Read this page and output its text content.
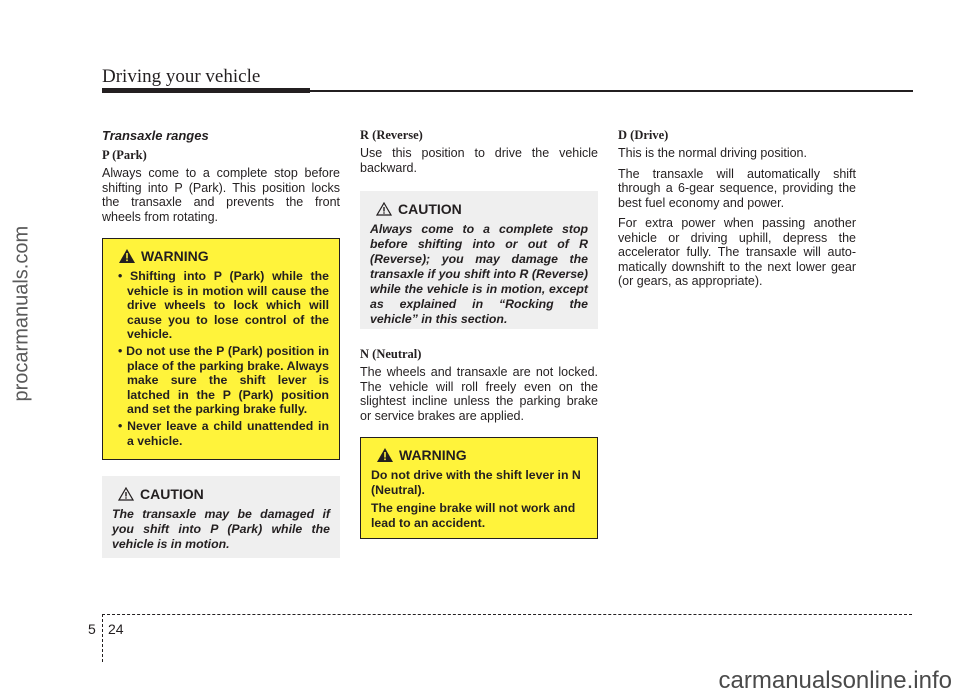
Driving your vehicle
procarmanuals.com
carmanualsonline.info

Transaxle ranges

P (Park)

Always come to a complete stop before shifting into P (Park). This position locks the transaxle and prevents the front wheels from rotating.

WARNING
• Shifting into P (Park) while the vehicle is in motion will cause the drive wheels to lock which will cause you to lose control of the vehicle.
• Do not use the P (Park) position in place of the parking brake. Always make sure the shift lever is latched in the P (Park) position and set the parking brake fully.
• Never leave a child unattended in a vehicle.
CAUTION

The transaxle may be damaged if you shift into P (Park) while the vehicle is in motion.

R (Reverse)

Use this position to drive the vehicle backward.

CAUTION

Always come to a complete stop before shifting into or out of R (Reverse); you may damage the transaxle if you shift into R (Reverse) while the vehicle is in motion, except as explained in “Rocking the vehicle” in this section.

N (Neutral)

The wheels and transaxle are not locked. The vehicle will roll freely even on the slightest incline unless the parking brake or service brakes are applied.

WARNING

Do not drive with the shift lever in N (Neutral).

The engine brake will not work and lead to an accident.

D (Drive)

This is the normal driving position.

The transaxle will automatically shift through a 6-gear sequence, providing the best fuel economy and power.

For extra power when passing another vehicle or driving uphill, depress the accelerator fully. The transaxle will auto-matically downshift to the next lower gear (or gears, as appropriate).

5 24
